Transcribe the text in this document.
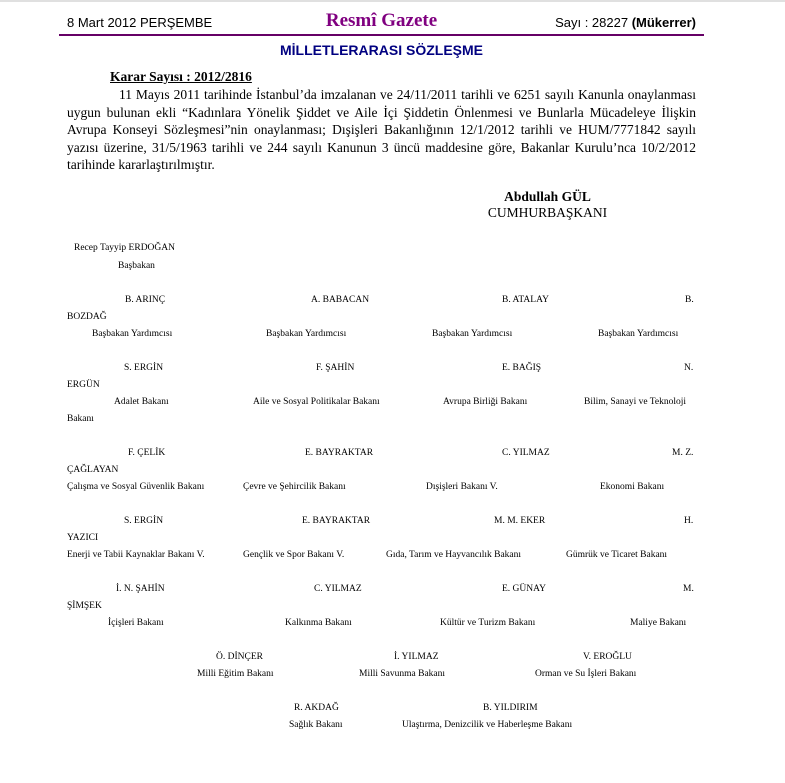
8 Mart 2012 PERŞEMBE	Resmî Gazete	Sayı : 28227 (Mükerrer)
MİLLETLERARASI SÖZLEŞME
Karar Sayısı : 2012/2816
11 Mayıs 2011 tarihinde İstanbul’da imzalanan ve 24/11/2011 tarihli ve 6251 sayılı Kanunla onaylanması uygun bulunan ekli “Kadınlara Yönelik Şiddet ve Aile İçi Şiddetin Önlenmesi ve Bunlarla Mücadeleye İlişkin Avrupa Konseyi Sözleşmesi”nin onaylanması; Dışişleri Bakanlığının 12/1/2012 tarihli ve HUM/7771842 sayılı yazısı üzerine, 31/5/1963 tarihli ve 244 sayılı Kanunun 3 üncü maddesine göre, Bakanlar Kurulu’nca 10/2/2012 tarihinde kararlaştırılmıştır.
Abdullah GÜL
CUMHURBAŞKANI
Recep Tayyip ERDOĞAN
Başbakan
B. ARINÇ	A. BABACAN	B. ATALAY	B.
BOZDAĞ
Başbakan Yardımcısı	Başbakan Yardımcısı	Başbakan Yardımcısı	Başbakan Yardımcısı
S. ERGİN	F. ŞAHİN	E. BAĞIŞ	N.
ERGÜN
Adalet Bakanı	Aile ve Sosyal Politikalar Bakanı	Avrupa Birliği Bakanı	Bilim, Sanayi ve Teknoloji
Bakanı
F. ÇELİK	E. BAYRAKTAR	C. YILMAZ	M. Z.
ÇAĞLAYAN
Çalışma ve Sosyal Güvenlik Bakanı	Çevre ve Şehircilik Bakanı	Dışişleri Bakanı V.	Ekonomi Bakanı
S. ERGİN	E. BAYRAKTAR	M. M. EKER	H.
YAZICI
Enerji ve Tabii Kaynaklar Bakanı V.	Gençlik ve Spor Bakanı V.	Gıda, Tarım ve Hayvancılık Bakanı	Gümrük ve Ticaret Bakanı
İ. N. ŞAHİN	C. YILMAZ	E. GÜNAY	M.
ŞİMŞEK
İçişleri Bakanı	Kalkınma Bakanı	Kültür ve Turizm Bakanı	Maliye Bakanı
Ö. DİNÇER	İ. YILMAZ	V. EROĞLU
Milli Eğitim Bakanı	Milli Savunma Bakanı	Orman ve Su İşleri Bakanı
R. AKDAĞ	B. YILDIRIM
Sağlık Bakanı	Ulaştırma, Denizcilik ve Haberleşme Bakanı
